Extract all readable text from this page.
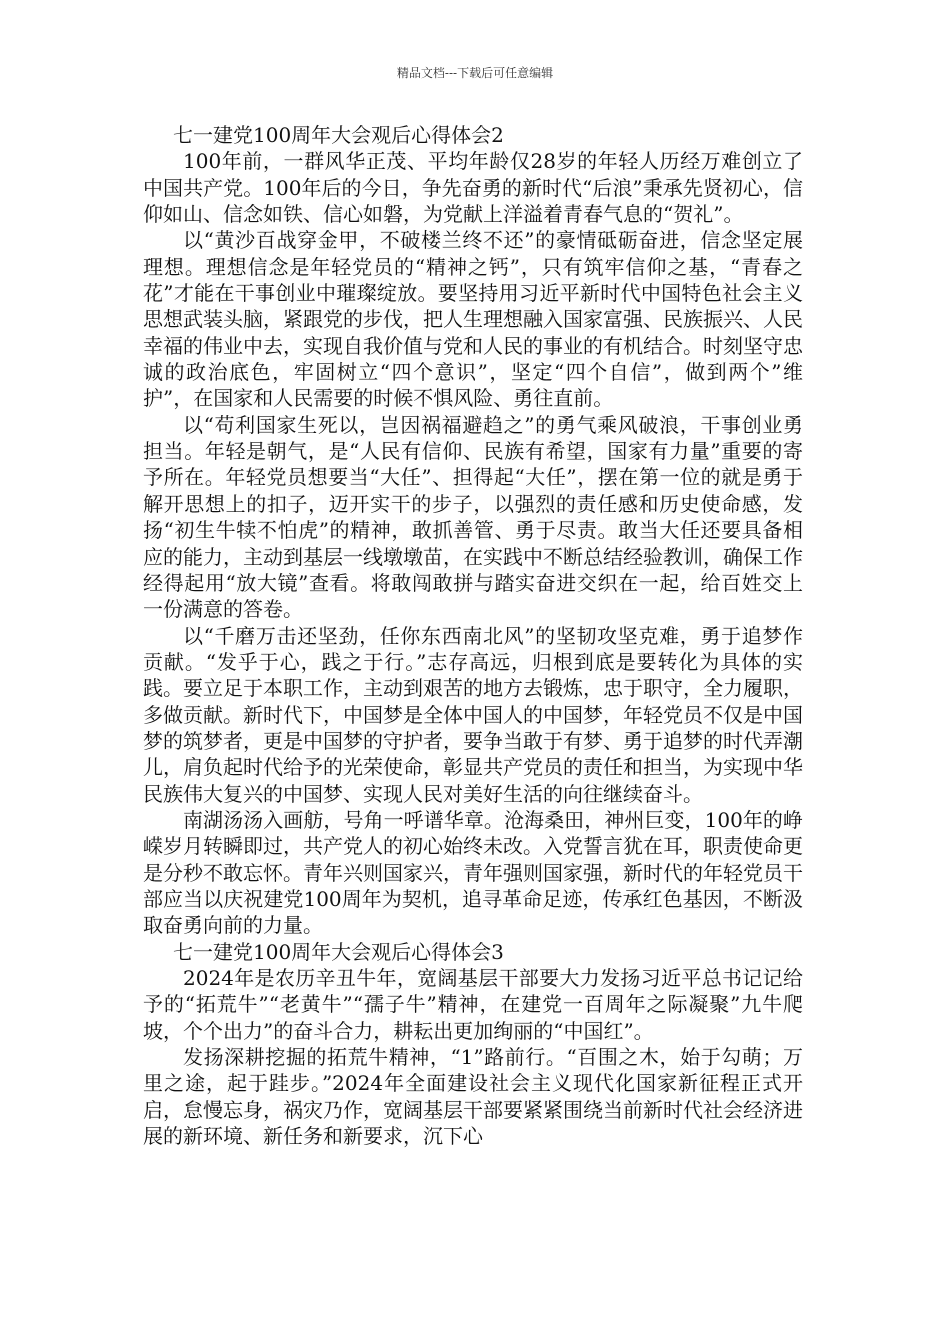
精品文档---下载后可任意编辑

七一建党100周年大会观后心得体会2

100年前，一群风华正茂、平均年龄仅28岁的年轻人历经万难创立了中国共产党。100年后的今日，争先奋勇的新时代“后浪”秉承先贤初心，信仰如山、信念如铁、信心如磐，为党献上洋溢着青春气息的“贺礼”。

以“黄沙百战穿金甲，不破楼兰终不还”的豪情砥砺奋进，信念坚定展理想。理想信念是年轻党员的“精神之钙”，只有筑牢信仰之基，“青春之花”才能在干事创业中璀璨绽放。要坚持用习近平新时代中国特色社会主义思想武装头脑，紧跟党的步伐，把人生理想融入国家富强、民族振兴、人民幸福的伟业中去，实现自我价值与党和人民的事业的有机结合。时刻坚守忠诚的政治底色，牢固树立“四个意识”，坚定“四个自信”，做到两个”维护”，在国家和人民需要的时候不惧风险、勇往直前。

以“苟利国家生死以，岂因祸福避趋之”的勇气乘风破浪，干事创业勇担当。年轻是朝气，是“人民有信仰、民族有希望，国家有力量”重要的寄予所在。年轻党员想要当“大任”、担得起“大任”，摆在第一位的就是勇于解开思想上的扣子，迈开实干的步子，以强烈的责任感和历史使命感，发扬“初生牛犊不怕虎”的精神，敢抓善管、勇于尽责。敢当大任还要具备相应的能力，主动到基层一线墩墩苗，在实践中不断总结经验教训，确保工作经得起用“放大镜”查看。将敢闯敢拼与踏实奋进交织在一起，给百姓交上一份满意的答卷。

以“千磨万击还坚劲，任你东西南北风”的坚韧攻坚克难，勇于追梦作贡献。“发乎于心，践之于行。”志存高远，归根到底是要转化为具体的实践。要立足于本职工作，主动到艰苦的地方去锻炼，忠于职守，全力履职，多做贡献。新时代下，中国梦是全体中国人的中国梦，年轻党员不仅是中国梦的筑梦者，更是中国梦的守护者，要争当敢于有梦、勇于追梦的时代弄潮儿，肩负起时代给予的光荣使命，彰显共产党员的责任和担当，为实现中华民族伟大复兴的中国梦、实现人民对美好生活的向往继续奋斗。

南湖汤汤入画舫，号角一呼谱华章。沧海桑田，神州巨变，100年的峥嵘岁月转瞬即过，共产党人的初心始终未改。入党誓言犹在耳，职责使命更是分秒不敢忘怀。青年兴则国家兴，青年强则国家强，新时代的年轻党员干部应当以庆祝建党100周年为契机，追寻革命足迹，传承红色基因，不断汲取奋勇向前的力量。

七一建党100周年大会观后心得体会3

2024年是农历辛丑牛年，宽阔基层干部要大力发扬习近平总书记记给予的“拓荒牛”“老黄牛”“孺子牛”精神，在建党一百周年之际凝聚”九牛爬坡，个个出力”的奋斗合力，耕耘出更加绚丽的“中国红”。

发扬深耕挖掘的拓荒牛精神，“1”路前行。“百围之木，始于勾萌；万里之途，起于跬步。”2024年全面建设社会主义现代化国家新征程正式开启，怠慢忘身，祸灾乃作，宽阔基层干部要紧紧围绕当前新时代社会经济进展的新环境、新任务和新要求，沉下心
